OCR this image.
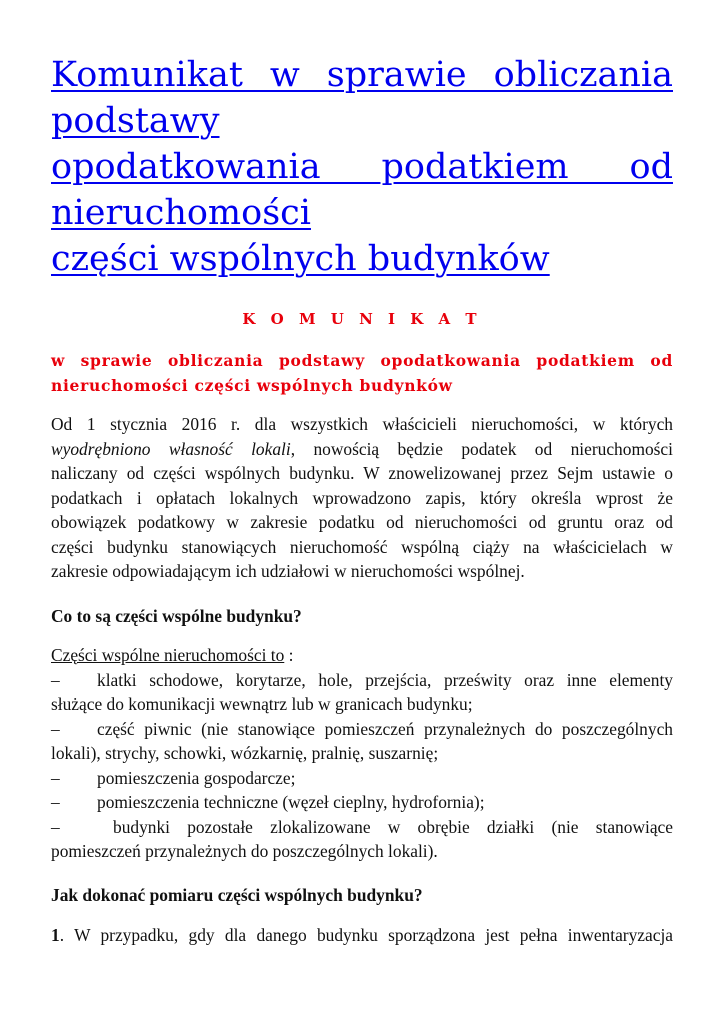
Komunikat w sprawie obliczania
podstawy
opodatkowania podatkiem od
nieruchomości
części wspólnych budynków
K O M U N I K A T
w sprawie obliczania podstawy opodatkowania podatkiem od
nieruchomości części wspólnych budynków
Od 1 stycznia 2016 r. dla wszystkich właścicieli nieruchomości, w których
wyodrębniono własność lokali, nowością będzie podatek od nieruchomości
naliczany od części wspólnych budynku. W znowelizowanej przez Sejm ustawie o
podatkach i opłatach lokalnych wprowadzono zapis, który określa wprost że
obowiązek podatkowy w zakresie podatku od nieruchomości od gruntu oraz od
części budynku stanowiących nieruchomość wspólną ciąży na właścicielach w
zakresie odpowiadającym ich udziałowi w nieruchomości wspólnej.
Co to są części wspólne budynku?
Części wspólne nieruchomości to :
– klatki schodowe, korytarze, hole, przejścia, prześwity oraz inne elementy
służące do komunikacji wewnątrz lub w granicach budynku;
– część piwnic (nie stanowiące pomieszczeń przynależnych do poszczególnych
lokali), strychy, schowki, wózkarnię, pralnię, suszarnię;
– pomieszczenia gospodarcze;
– pomieszczenia techniczne (węzeł cieplny, hydrofornia);
–	budynki pozostałe zlokalizowane w obrębie działki (nie stanowiące
pomieszczeń przynależnych do poszczególnych lokali).
Jak dokonać pomiaru części wspólnych budynku?
1. W przypadku, gdy dla danego budynku sporządzona jest pełna inwentaryzacja
